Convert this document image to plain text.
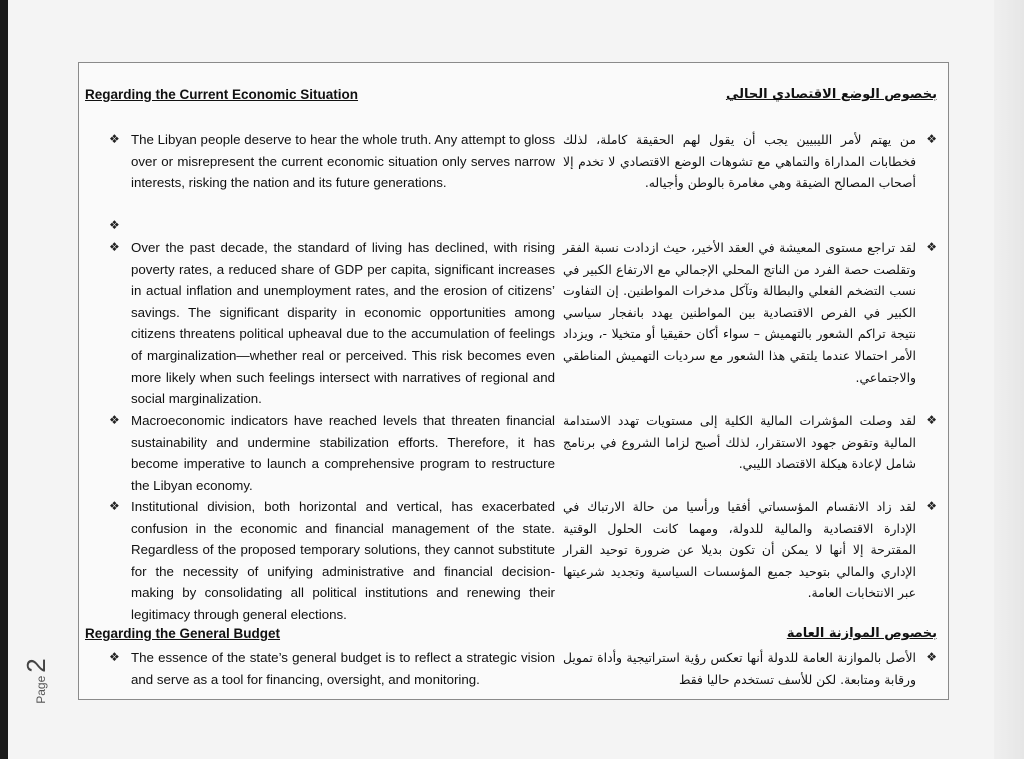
Page
2
Regarding the Current Economic Situation
❖ The Libyan people deserve to hear the whole truth. Any attempt to gloss over or misrepresent the current economic situation only serves narrow interests, risking the nation and its future generations.
❖
❖ Over the past decade, the standard of living has declined, with rising poverty rates, a reduced share of GDP per capita, significant increases in actual inflation and unemployment rates, and the erosion of citizens’ savings. The significant disparity in economic opportunities among citizens threatens political upheaval due to the accumulation of feelings of marginalization—whether real or perceived. This risk becomes even more likely when such feelings intersect with narratives of regional and social marginalization.
❖ Macroeconomic indicators have reached levels that threaten financial sustainability and undermine stabilization efforts. Therefore, it has become imperative to launch a comprehensive program to restructure the Libyan economy.
❖ Institutional division, both horizontal and vertical, has exacerbated confusion in the economic and financial management of the state. Regardless of the proposed temporary solutions, they cannot substitute for the necessity of unifying administrative and financial decision-making by consolidating all political institutions and renewing their legitimacy through general elections.
Regarding the General Budget
❖ The essence of the state’s general budget is to reflect a strategic vision and serve as a tool for financing, oversight, and monitoring.
بخصوص الوضع الاقتصادي الحالي
❖
من يهتم لأمر الليبيين يجب أن يقول لهم الحقيقة كاملة، لذلك فخطابات المداراة والتماهي مع تشوهات الوضع الاقتصادي لا تخدم إلا أصحاب المصالح الضيقة وهي مغامرة بالوطن وأجياله.
❖
لقد تراجع مستوى المعيشة في العقد الأخير، حيث ازدادت نسبة الفقر وتقلصت حصة الفرد من الناتج المحلي الإجمالي مع الارتفاع الكبير في نسب التضخم الفعلي والبطالة وتآكل مدخرات المواطنين. إن التفاوت الكبير في الفرص الاقتصادية بين المواطنين يهدد بانفجار سياسي نتيجة تراكم الشعور بالتهميش – سواء أكان حقيقيا أو متخيلا -، ويزداد الأمر احتمالا عندما يلتقي هذا الشعور مع سرديات التهميش المناطقي والاجتماعي.
❖
لقد وصلت المؤشرات المالية الكلية إلى مستويات تهدد الاستدامة المالية وتقوض جهود الاستقرار، لذلك أصبح لزاما الشروع في برنامج شامل لإعادة هيكلة الاقتصاد الليبي.
❖
لقد زاد الانقسام المؤسساتي أفقيا ورأسيا من حالة الارتباك في الإدارة الاقتصادية والمالية للدولة، ومهما كانت الحلول الوقتية المقترحة إلا أنها لا يمكن أن تكون بديلا عن ضرورة توحيد القرار الإداري والمالي بتوحيد جميع المؤسسات السياسية وتجديد شرعيتها عبر الانتخابات العامة.
بخصوص الموازنة العامة
❖
الأصل بالموازنة العامة للدولة أنها تعكس رؤية استراتيجية وأداة تمويل ورقابة ومتابعة. لكن للأسف تستخدم حاليا فقط
